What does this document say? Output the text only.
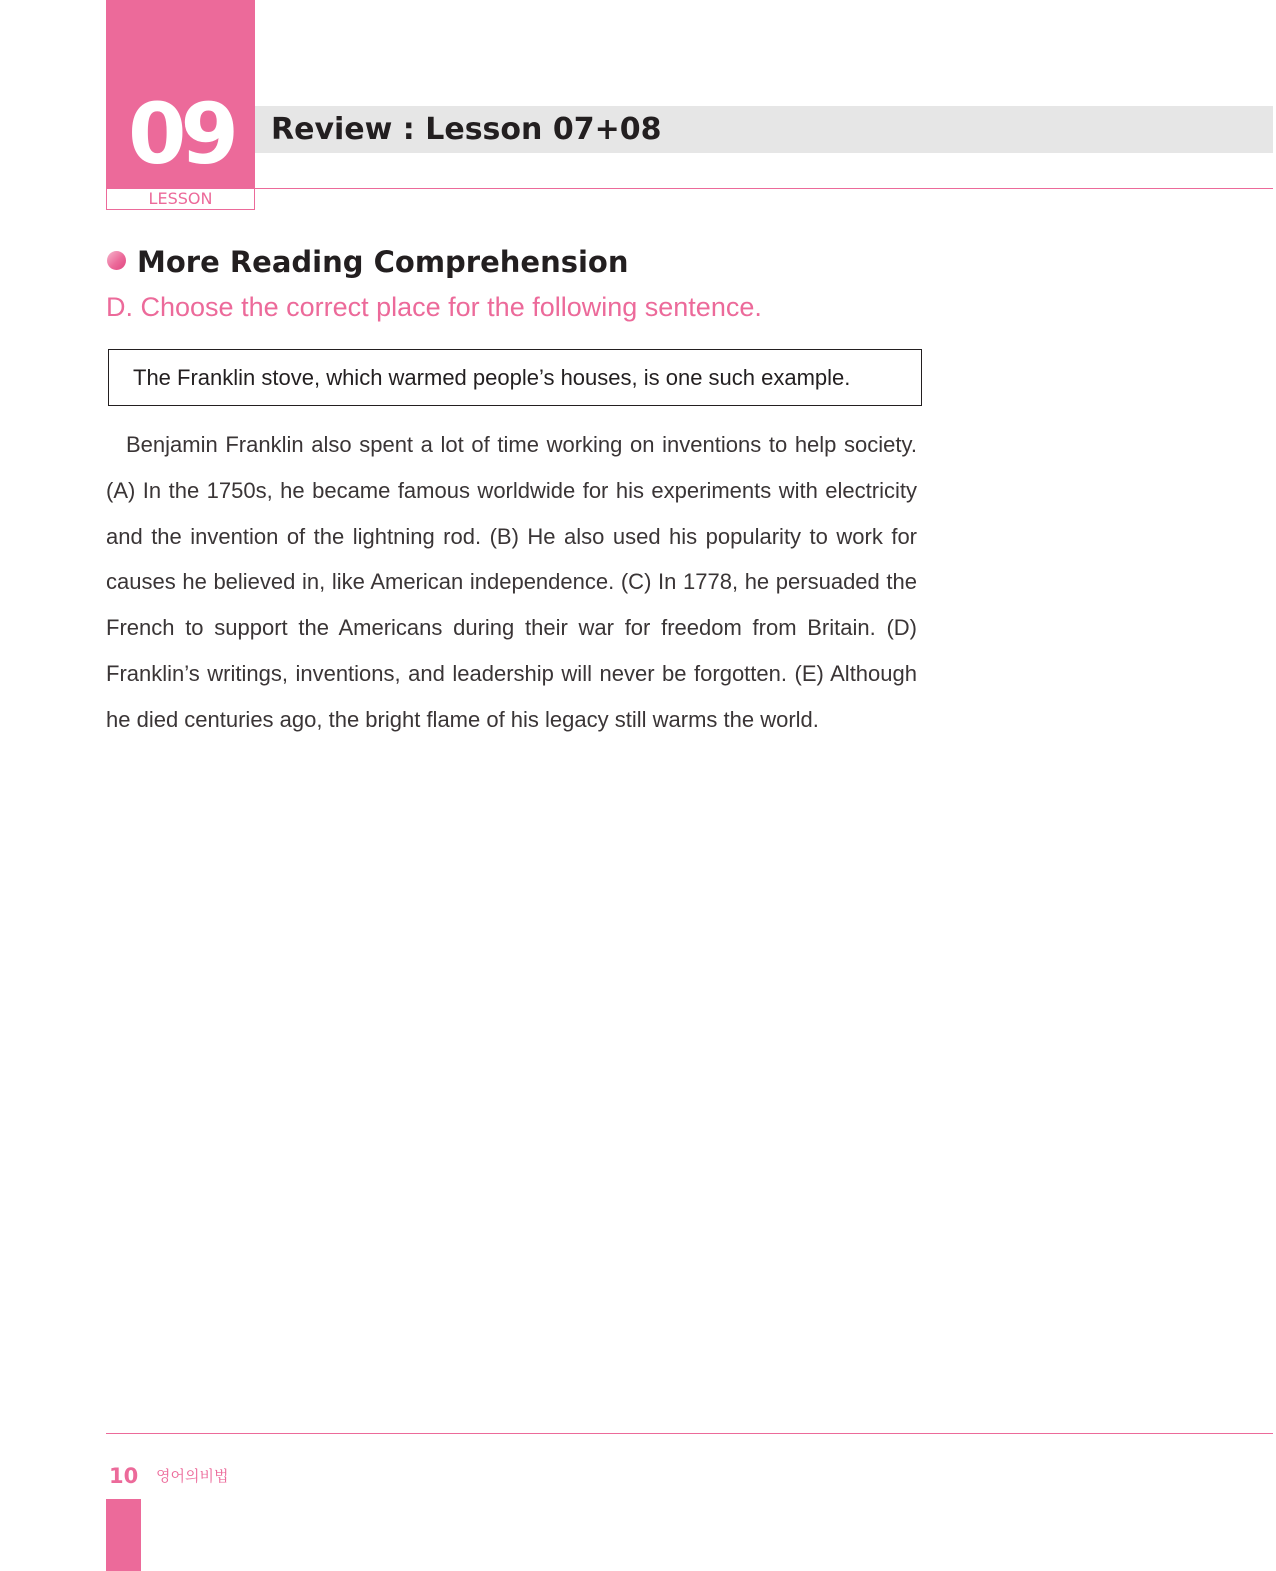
09
LESSON
Review : Lesson 07+08
More Reading Comprehension
D. Choose the correct place for the following sentence.
The Franklin stove, which warmed people’s houses, is one such example.

Benjamin Franklin also spent a lot of time working on inventions to help society. (A) In the 1750s, he became famous worldwide for his experiments with electricity and the invention of the lightning rod. (B) He also used his popularity to work for causes he believed in, like American independence. (C) In 1778, he persuaded the French to support the Americans during their war for freedom from Britain. (D) Franklin’s writings, inventions, and leadership will never be forgotten. (E) Although he died centuries ago, the bright flame of his legacy still warms the world.

10 영어의비법
